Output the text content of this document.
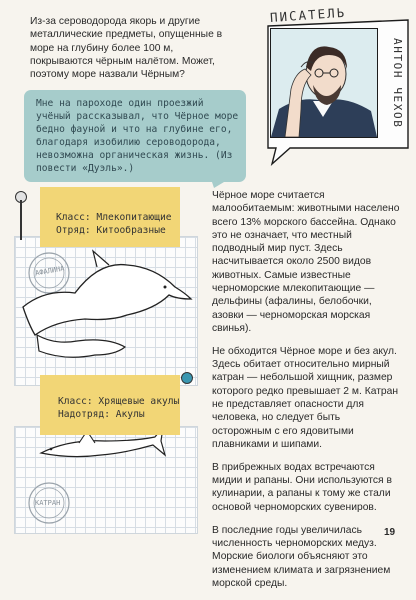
Из-за сероводорода якорь и другие металлические предметы, опущенные в море на глубину более 100 м, покрываются чёрным налётом. Может, поэтому море назвали Чёрным?
ПИСАТЕЛЬ
АНТОН ЧЕХОВ
Мне на пароходе один проезжий учёный рассказывал, что Чёрное море бедно фауной и что на глубине его, благодаря изобилию сероводорода, невозможна органическая жизнь. (Из повести «Дуэль».)
АФАЛИНА
Класс: Млекопитающие
Отряд: Китообразные
КАТРАН
Класс: Хрящевые акулы
Надотряд: Акулы

Чёрное море считается малообитаемым: животными населено всего 13% морского бассейна. Однако это не означает, что местный подводный мир пуст. Здесь насчитывается около 2500 видов животных. Самые известные черноморские млекопитающие — дельфины (афалины, белобочки, азовки — черноморская морская свинья).

Не обходится Чёрное море и без акул. Здесь обитает относительно мирный катран — небольшой хищник, размер которого редко превышает 2 м. Катран не представляет опасности для человека, но следует быть осторожным с его ядовитыми плавниками и шипами.

В прибрежных водах встречаются мидии и рапаны. Они используются в кулинарии, а рапаны к тому же стали основой черноморских сувениров.

В последние годы увеличилась численность черноморских медуз. Морские биологи объясняют это изменением климата и загрязнением морской среды.

19
